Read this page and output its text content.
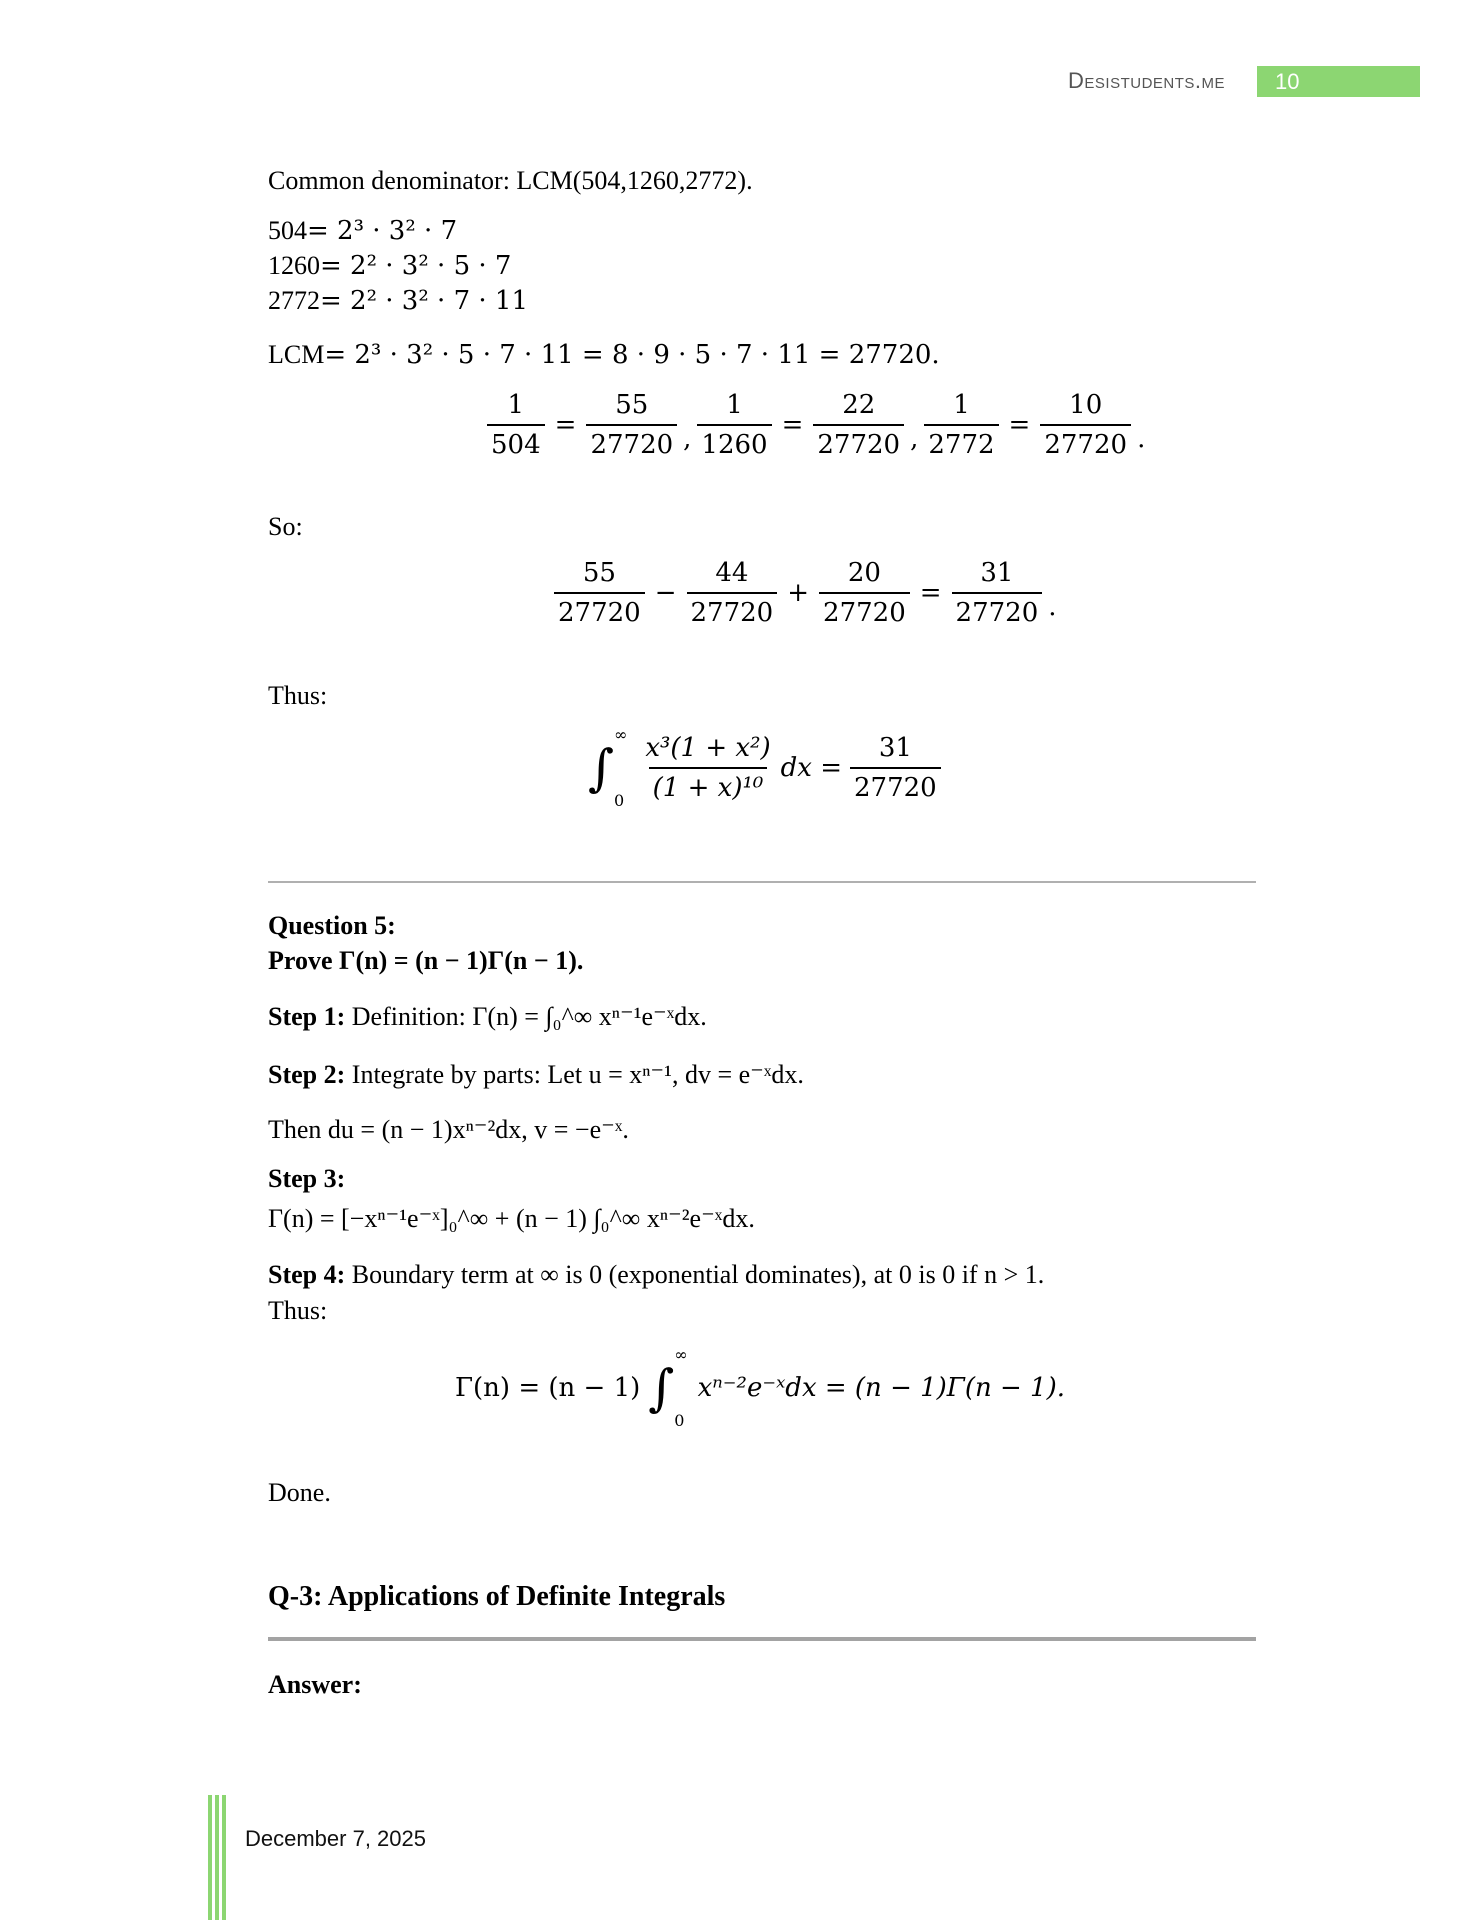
Desistudents.me	10
Common denominator: LCM(504,1260,2772).
504= 2³ · 3² · 7
1260= 2² · 3² · 5 · 7
2772= 2² · 3² · 7 · 11
LCM= 2³ · 3² · 5 · 7 · 11 = 8 · 9 · 5 · 7 · 11 = 27720.
$\frac{1}{504} = \frac{55}{27720}$ , $\frac{1}{1260} = \frac{22}{27720}$ , $\frac{1}{2772} = \frac{10}{27720}$ .
So:
$\frac{55}{27720} - \frac{44}{27720} + \frac{20}{27720} = \frac{31}{27720}$ .
Thus:
∫
∞
$0 \frac{\text{x³(1 + x²)}}{\text{(1 + x)¹⁰}}$ dx = $\frac{31}{27720}$
Question 5:
Prove Γ(n) = (n − 1)Γ(n − 1).
Step 1: Definition: Γ(n) = ∫₀^∞ xⁿ⁻¹e⁻ˣdx.
Step 2: Integrate by parts: Let u = xⁿ⁻¹, dv = e⁻ˣdx.
Then du = (n − 1)xⁿ⁻²dx, v = −e⁻ˣ.
Step 3:
Γ(n) = [−xⁿ⁻¹e⁻ˣ]₀^∞ + (n − 1) ∫₀^∞ xⁿ⁻²e⁻ˣdx.
Step 4: Boundary term at ∞ is 0 (exponential dominates), at 0 is 0 if n > 1.
Thus:
Γ(n) = (n − 1) ∫
∞
0
xⁿ⁻²e⁻ˣdx = (n − 1)Γ(n − 1).
Done.
Q-3: Applications of Definite Integrals
Answer:
December 7, 2025
